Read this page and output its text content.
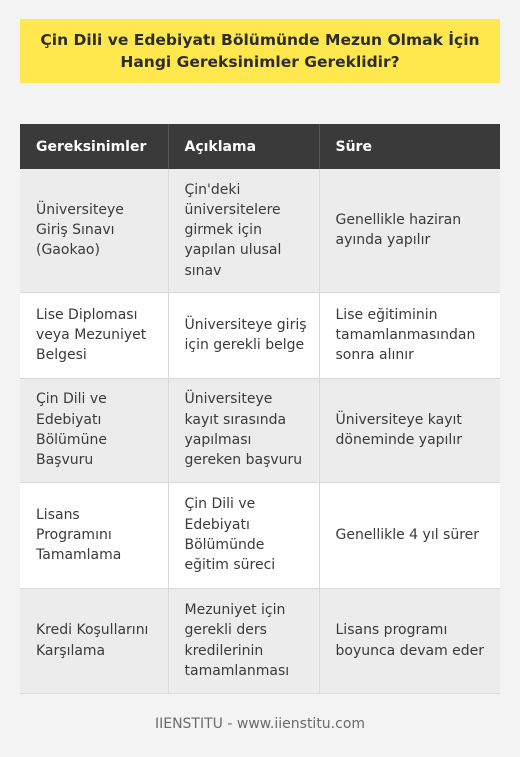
Çin Dili ve Edebiyatı Bölümünde Mezun Olmak İçin Hangi Gereksinimler Gereklidir?
Gereksinimler	Açıklama	Süre
Üniversiteye Giriş Sınavı (Gaokao)	Çin'deki üniversitelere girmek için yapılan ulusal sınav	Genellikle haziran ayında yapılır
Lise Diploması veya Mezuniyet Belgesi	Üniversiteye giriş için gerekli belge	Lise eğitiminin tamamlanmasından sonra alınır
Çin Dili ve Edebiyatı Bölümüne Başvuru	Üniversiteye kayıt sırasında yapılması gereken başvuru	Üniversiteye kayıt döneminde yapılır
Lisans Programını Tamamlama	Çin Dili ve Edebiyatı Bölümünde eğitim süreci	Genellikle 4 yıl sürer
Kredi Koşullarını Karşılama	Mezuniyet için gerekli ders kredilerinin tamamlanması	Lisans programı boyunca devam eder
IIENSTITU - www.iienstitu.com
